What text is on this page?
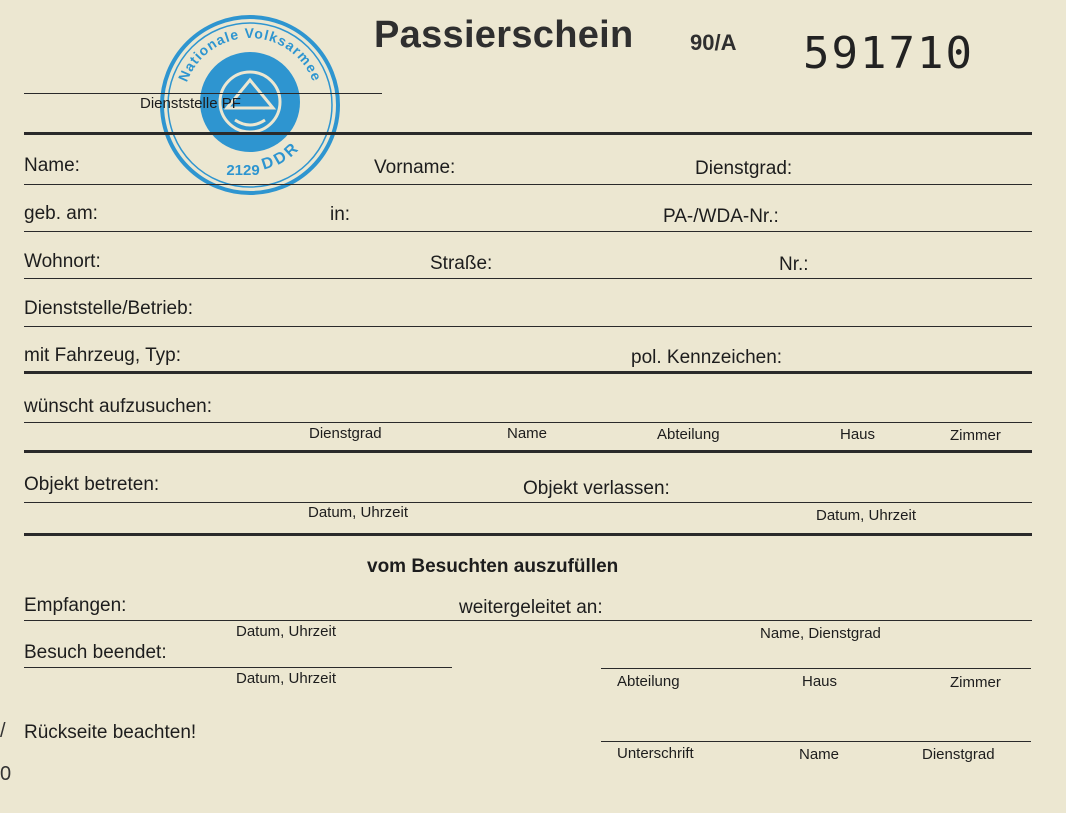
Nationale Volksarmee
DDR
2129
Passierschein	90/A 591710
Dienststelle PF
Name:	Vorname:	Dienstgrad:
geb. am:	in:	PA-/WDA-Nr.:
Wohnort:	Straße:	Nr.:
Dienststelle/Betrieb:
mit Fahrzeug, Typ:	pol. Kennzeichen:
wünscht aufzusuchen:
Dienstgrad	Name	Abteilung	Haus	Zimmer
Objekt betreten:	Objekt verlassen:
Datum, Uhrzeit	Datum, Uhrzeit
vom Besuchten auszufüllen
Empfangen:	weitergeleitet an:
Datum, Uhrzeit	Name, Dienstgrad
Besuch beendet:
Datum, Uhrzeit	Abteilung	Haus	Zimmer
Rückseite beachten!
Unterschrift	Name	Dienstgrad
/
0
